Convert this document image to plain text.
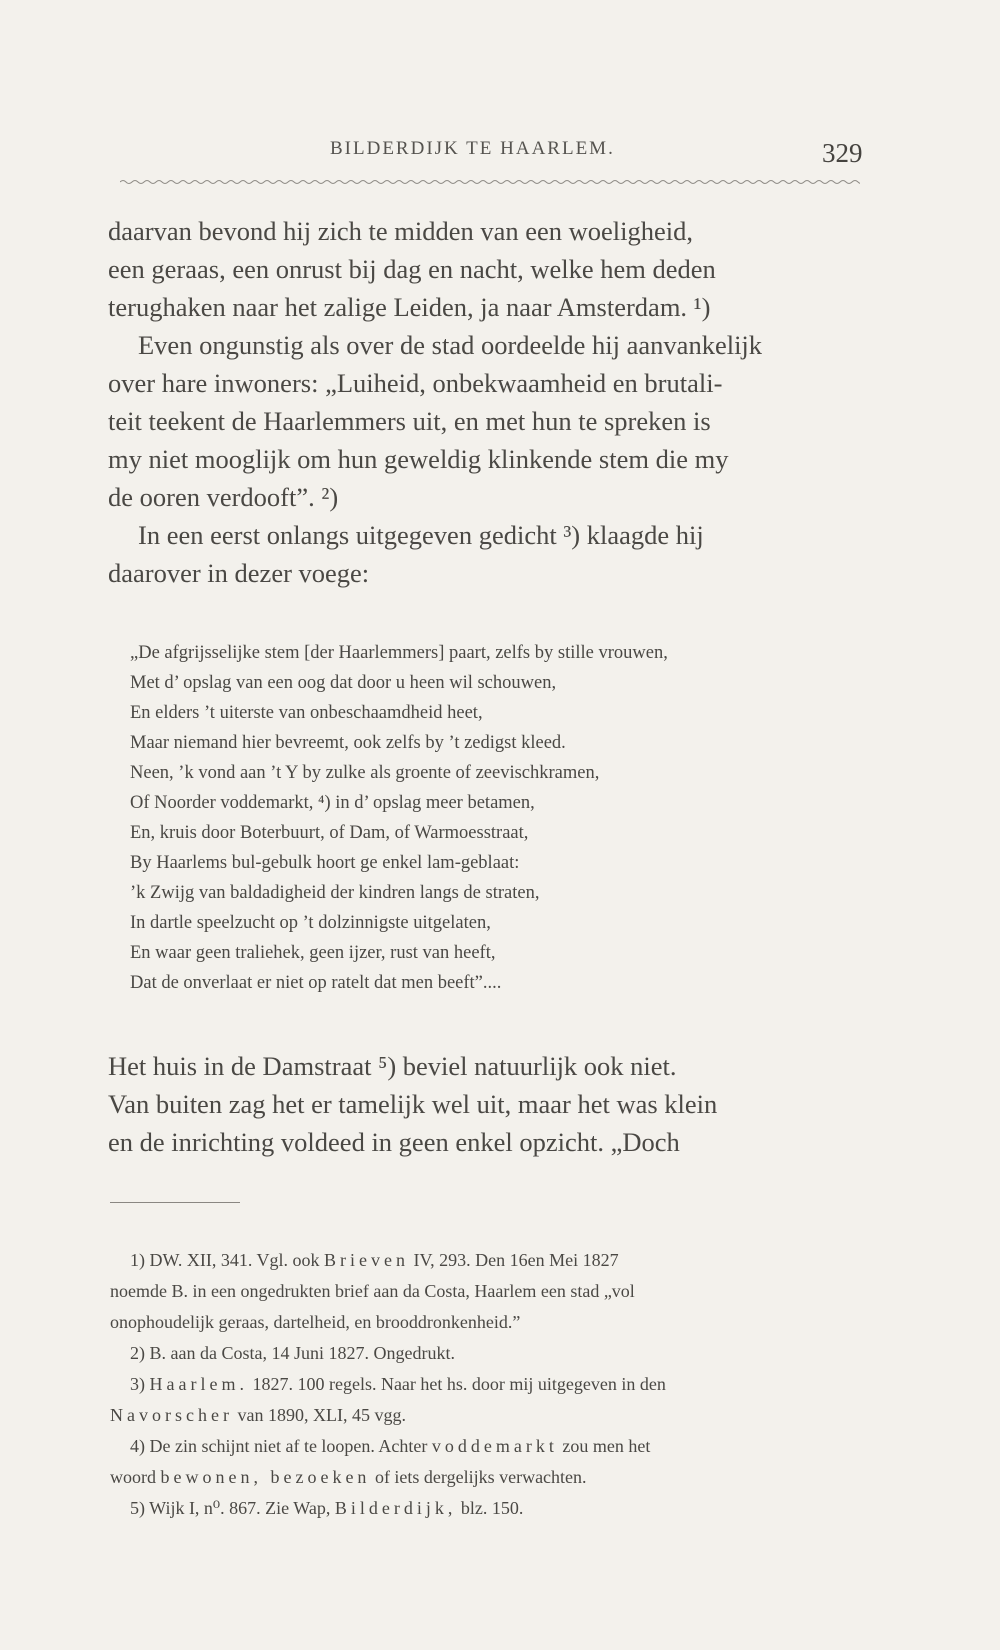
BILDERDIJK TE HAARLEM.	329
daarvan bevond hij zich te midden van een woeligheid,
een geraas, een onrust bij dag en nacht, welke hem deden
terughaken naar het zalige Leiden, ja naar Amsterdam. ¹)
Even ongunstig als over de stad oordeelde hij aanvankelijk
over hare inwoners: „Luiheid, onbekwaamheid en brutali-
teit teekent de Haarlemmers uit, en met hun te spreken is
my niet mooglijk om hun geweldig klinkende stem die my
de ooren verdooft”. ²)
In een eerst onlangs uitgegeven gedicht ³) klaagde hij
daarover in dezer voege:
„De afgrijsselijke stem [der Haarlemmers] paart, zelfs by stille vrouwen,
Met d’ opslag van een oog dat door u heen wil schouwen,
En elders ’t uiterste van onbeschaamdheid heet,
Maar niemand hier bevreemt, ook zelfs by ’t zedigst kleed.
Neen, ’k vond aan ’t Y by zulke als groente of zeevischkramen,
Of Noorder voddemarkt, ⁴) in d’ opslag meer betamen,
En, kruis door Boterbuurt, of Dam, of Warmoesstraat,
By Haarlems bul-gebulk hoort ge enkel lam-geblaat:
’k Zwijg van baldadigheid der kindren langs de straten,
In dartle speelzucht op ’t dolzinnigste uitgelaten,
En waar geen traliehek, geen ijzer, rust van heeft,
Dat de onverlaat er niet op ratelt dat men beeft”....
Het huis in de Damstraat ⁵) beviel natuurlijk ook niet.
Van buiten zag het er tamelijk wel uit, maar het was klein
en de inrichting voldeed in geen enkel opzicht. „Doch
1) DW. XII, 341. Vgl. ook Brieven IV, 293. Den 16en Mei 1827
noemde B. in een ongedrukten brief aan da Costa, Haarlem een stad „vol
onophoudelijk geraas, dartelheid, en brooddronkenheid.”
2) B. aan da Costa, 14 Juni 1827. Ongedrukt.
3) Haarlem. 1827. 100 regels. Naar het hs. door mij uitgegeven in den
Navorscher van 1890, XLI, 45 vgg.
4) De zin schijnt niet af te loopen. Achter voddemarkt zou men het
woord bewonen, bezoeken of iets dergelijks verwachten.
5) Wijk I, n⁰. 867. Zie Wap, Bilderdijk, blz. 150.
